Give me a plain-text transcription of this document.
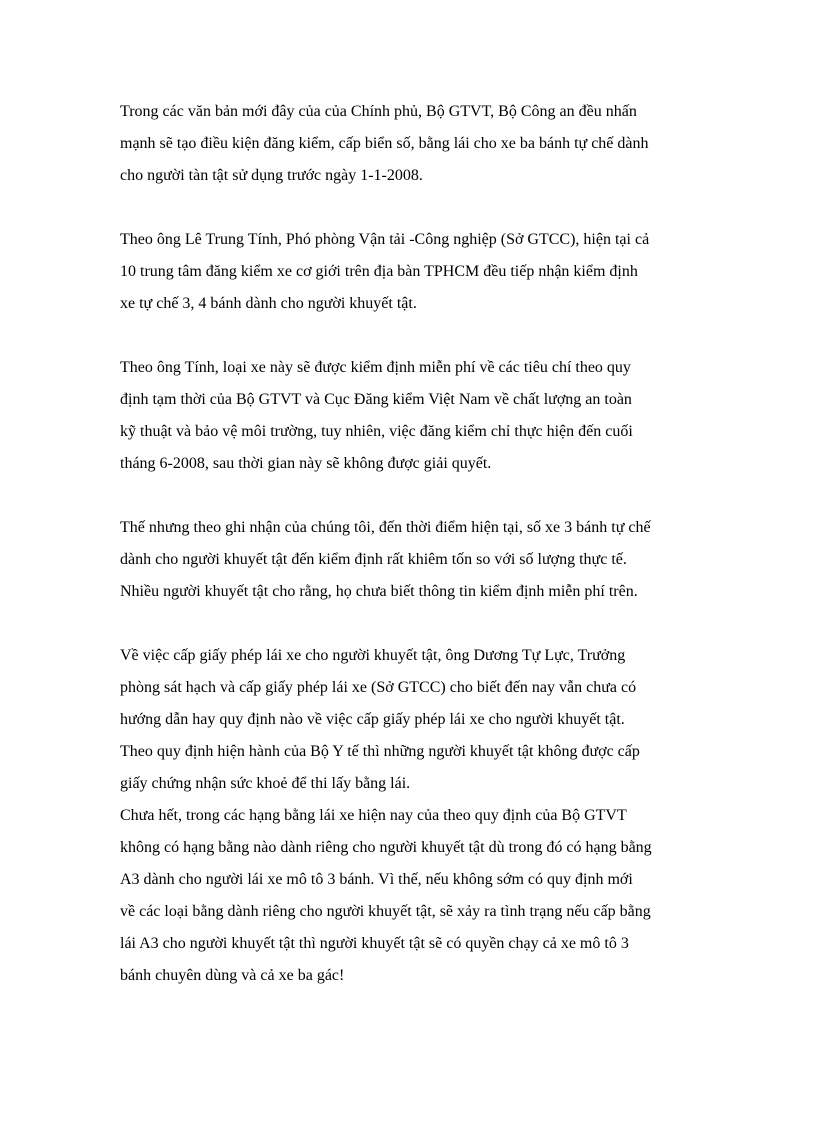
Trong các văn bản mới đây của của Chính phủ, Bộ GTVT, Bộ Công an đều nhấn
mạnh sẽ tạo điều kiện đăng kiểm, cấp biển số, bằng lái cho xe ba bánh tự chế dành
cho người tàn tật sử dụng trước ngày 1-1-2008.
Theo ông Lê Trung Tính, Phó phòng Vận tải -Công nghiệp (Sở GTCC), hiện tại cả
10 trung tâm đăng kiểm xe cơ giới trên địa bàn TPHCM đều tiếp nhận kiểm định
xe tự chế 3, 4 bánh dành cho người khuyết tật.
Theo ông Tính, loại xe này sẽ được kiểm định miễn phí về các tiêu chí theo quy
định tạm thời của Bộ GTVT và Cục Đăng kiểm Việt Nam về chất lượng an toàn
kỹ thuật và bảo vệ môi trường, tuy nhiên, việc đăng kiểm chỉ thực hiện đến cuối
tháng 6-2008, sau thời gian này sẽ không được giải quyết.
Thế nhưng theo ghi nhận của chúng tôi, đến thời điểm hiện tại, số xe 3 bánh tự chế
dành cho người khuyết tật đến kiểm định rất khiêm tốn so với số lượng thực tế.
Nhiều người khuyết tật cho rằng, họ chưa biết thông tin kiểm định miễn phí trên.
Về việc cấp giấy phép lái xe cho người khuyết tật, ông Dương Tự Lực, Trưởng
phòng sát hạch và cấp giấy phép lái xe (Sở GTCC) cho biết đến nay vẫn chưa có
hướng dẫn hay quy định nào về việc cấp giấy phép lái xe cho người khuyết tật.
Theo quy định hiện hành của Bộ Y tế thì những người khuyết tật không được cấp
giấy chứng nhận sức khoẻ để thi lấy bằng lái.
Chưa hết, trong các hạng bằng lái xe hiện nay của theo quy định của Bộ GTVT
không có hạng bằng nào dành riêng cho người khuyết tật dù trong đó có hạng bằng
A3 dành cho người lái xe mô tô 3 bánh. Vì thế, nếu không sớm có quy định mới
về các loại bằng dành riêng cho người khuyết tật, sẽ xảy ra tình trạng nếu cấp bằng
lái A3 cho người khuyết tật thì người khuyết tật sẽ có quyền chạy cả xe mô tô 3
bánh chuyên dùng và cả xe ba gác!
